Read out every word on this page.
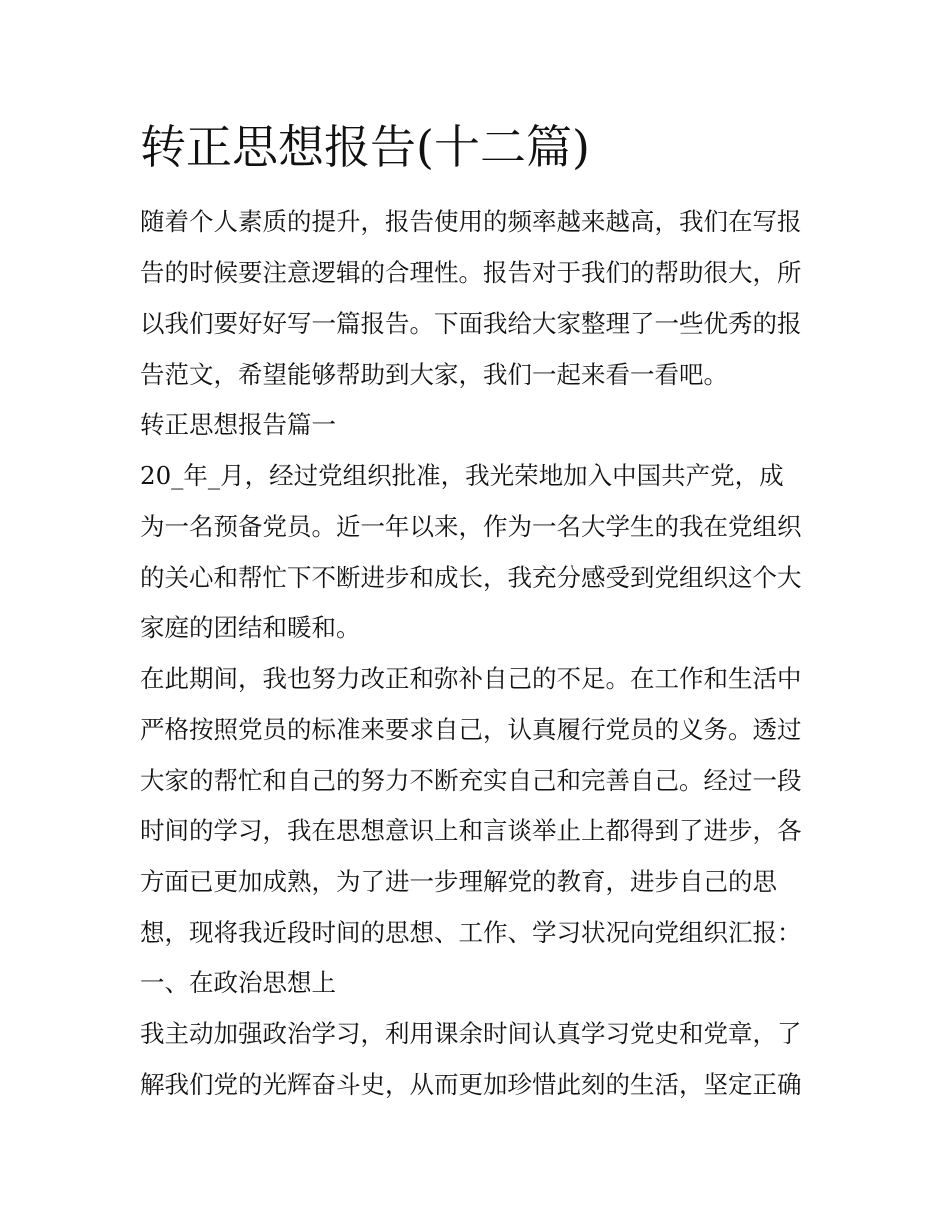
转正思想报告(十二篇)

随着个人素质的提升，报告使用的频率越来越高，我们在写报

告的时候要注意逻辑的合理性。报告对于我们的帮助很大，所

以我们要好好写一篇报告。下面我给大家整理了一些优秀的报

告范文，希望能够帮助到大家，我们一起来看一看吧。

转正思想报告篇一

20_年_月，经过党组织批准，我光荣地加入中国共产党，成

为一名预备党员。近一年以来，作为一名大学生的我在党组织

的关心和帮忙下不断进步和成长，我充分感受到党组织这个大

家庭的团结和暖和。

在此期间，我也努力改正和弥补自己的不足。在工作和生活中

严格按照党员的标准来要求自己，认真履行党员的义务。透过

大家的帮忙和自己的努力不断充实自己和完善自己。经过一段

时间的学习，我在思想意识上和言谈举止上都得到了进步，各

方面已更加成熟，为了进一步理解党的教育，进步自己的思

想，现将我近段时间的思想、工作、学习状况向党组织汇报：

一、在政治思想上

我主动加强政治学习，利用课余时间认真学习党史和党章，了

解我们党的光辉奋斗史，从而更加珍惜此刻的生活，坚定正确
